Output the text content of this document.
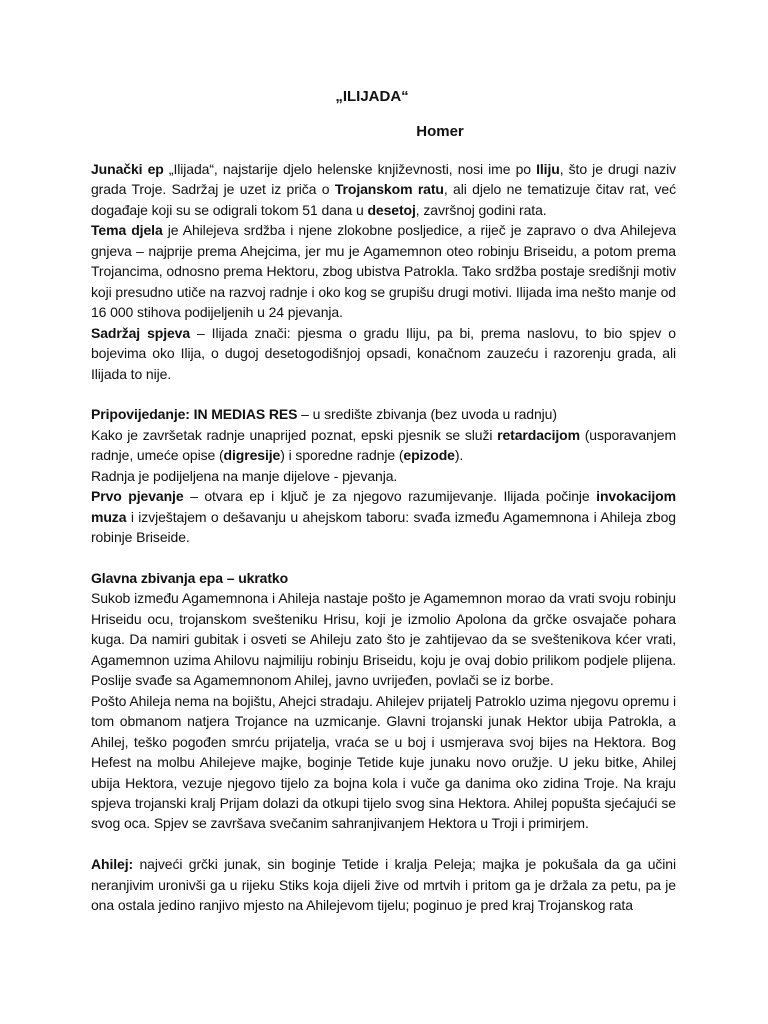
„ILIJADA“
Homer

Junački ep „Ilijada“, najstarije djelo helenske književnosti, nosi ime po Iliju, što je drugi naziv grada Troje. Sadržaj je uzet iz priča o Trojanskom ratu, ali djelo ne tematizuje čitav rat, već događaje koji su se odigrali tokom 51 dana u desetoj, završnoj godini rata.

Tema djela je Ahilejeva srdžba i njene zlokobne posljedice, a riječ je zapravo o dva Ahilejeva gnjeva – najprije prema Ahejcima, jer mu je Agamemnon oteo robinju Briseidu, a potom prema Trojancima, odnosno prema Hektoru, zbog ubistva Patrokla. Tako srdžba postaje središnji motiv koji presudno utiče na razvoj radnje i oko kog se grupišu drugi motivi. Ilijada ima nešto manje od 16 000 stihova podijeljenih u 24 pjevanja.

Sadržaj spjeva – Ilijada znači: pjesma o gradu Iliju, pa bi, prema naslovu, to bio spjev o bojevima oko Ilija, o dugoj desetogodišnjoj opsadi, konačnom zauzeću i razorenju grada, ali Ilijada to nije.

Pripovijedanje: IN MEDIAS RES – u središte zbivanja (bez uvoda u radnju)

Kako je završetak radnje unaprijed poznat, epski pjesnik se služi retardacijom (usporavanjem radnje, umeće opise (digresije) i sporedne radnje (epizode).

Radnja je podijeljena na manje dijelove - pjevanja.

Prvo pjevanje – otvara ep i ključ je za njegovo razumijevanje. Ilijada počinje invokacijom muza i izvještajem o dešavanju u ahejskom taboru: svađa između Agamemnona i Ahileja zbog robinje Briseide.

Glavna zbivanja epa – ukratko

Sukob između Agamemnona i Ahileja nastaje pošto je Agamemnon morao da vrati svoju robinju Hriseidu ocu, trojanskom sveštеniku Hrisu, koji je izmolio Apolona da grčke osvajače pohara kuga. Da namiri gubitak i osveti se Ahileju zato što je zahtijevao da se sveštenikova kćer vrati, Agamemnon uzima Ahilovu najmiliju robinju Briseidu, koju je ovaj dobio prilikom podjele plijena. Poslije svađe sa Agamemnonom Ahilej, javno uvrijeđen, povlači se iz borbe.

Pošto Ahileja nema na bojištu, Ahejci stradaju. Ahilejev prijatelj Patroklo uzima njegovu opremu i tom obmanom natjera Trojance na uzmicanje. Glavni trojanski junak Hektor ubija Patrokla, a Ahilej, teško pogođen smrću prijatelja, vraća se u boj i usmjerava svoj bijes na Hektora. Bog Hefest na molbu Ahilejeve majke, boginje Tetide kuje junaku novo oružje. U jeku bitke, Ahilej ubija Hektora, vezuje njegovo tijelo za bojna kola i vuče ga danima oko zidina Troje. Na kraju spjeva trojanski kralj Prijam dolazi da otkupi tijelo svog sina Hektora. Ahilej popušta sjećajući se svog oca. Spjev se završava svečanim sahranjivanjem Hektora u Troji i primirjem.

Ahilej: najveći grčki junak, sin boginje Tetide i kralja Peleja; majka je pokušala da ga učini neranjivim uronivši ga u rijeku Stiks koja dijeli žive od mrtvih i pritom ga je držala za petu, pa je ona ostala jedino ranjivo mjesto na Ahilejevom tijelu; poginuo je pred kraj Trojanskog rata
